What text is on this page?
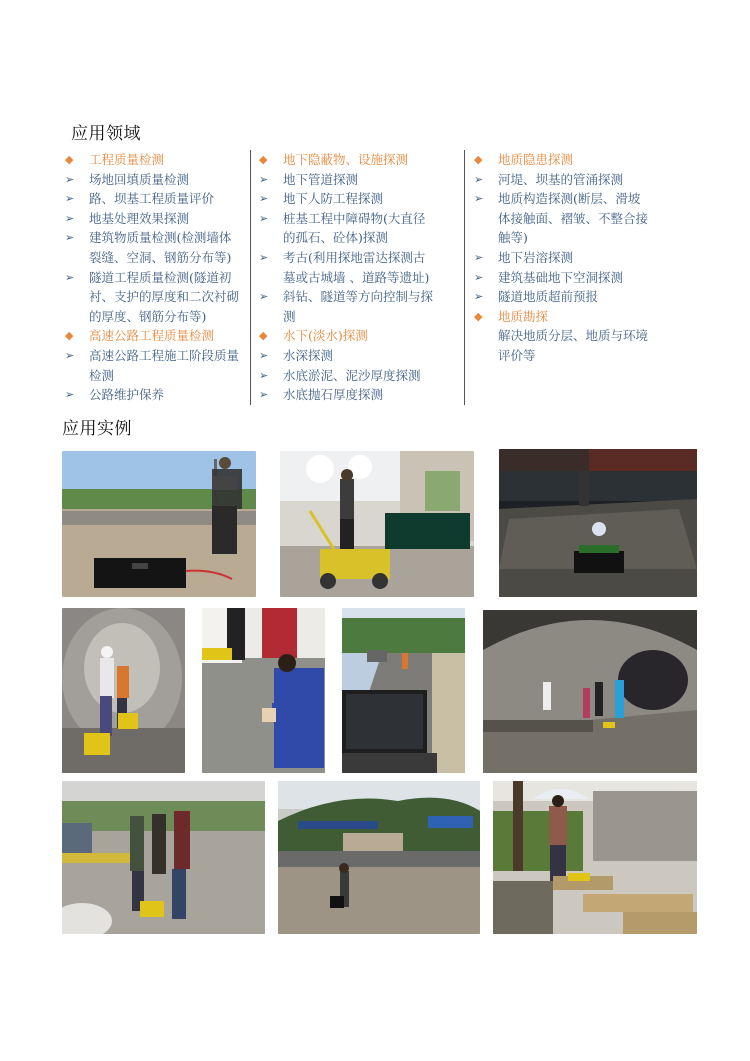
应用领域
◆ 工程质量检测
➢ 场地回填质量检测
➢ 路、坝基工程质量评价
➢ 地基处理效果探测
➢ 建筑物质量检测(检测墙体裂缝、空洞、钢筋分布等)
➢ 隧道工程质量检测(隧道初衬、支护的厚度和二次衬砌的厚度、钢筋分布等)
◆ 高速公路工程质量检测
➢ 高速公路工程施工阶段质量检测
➢ 公路维护保养
◆ 地下隐蔽物、设施探测
➢ 地下管道探测
➢ 地下人防工程探测
➢ 桩基工程中障碍物(大直径的孤石、砼体)探测
➢ 考古(利用探地雷达探测古墓或古城墙 、道路等遗址)
➢ 斜钻、隧道等方向控制与探测
◆ 水下(淡水)探测
➢ 水深探测
➢ 水底淤泥、泥沙厚度探测
➢ 水底抛石厚度探测
◆ 地质隐患探测
➢ 河堤、坝基的管涌探测
➢ 地质构造探测(断层、滑坡体接触面、褶皱、不整合接触等)
➢ 地下岩溶探测
➢ 建筑基础地下空洞探测
➢ 隧道地质超前预报
◆ 地质勘探
解决地质分层、地质与环境评价等
应用实例
